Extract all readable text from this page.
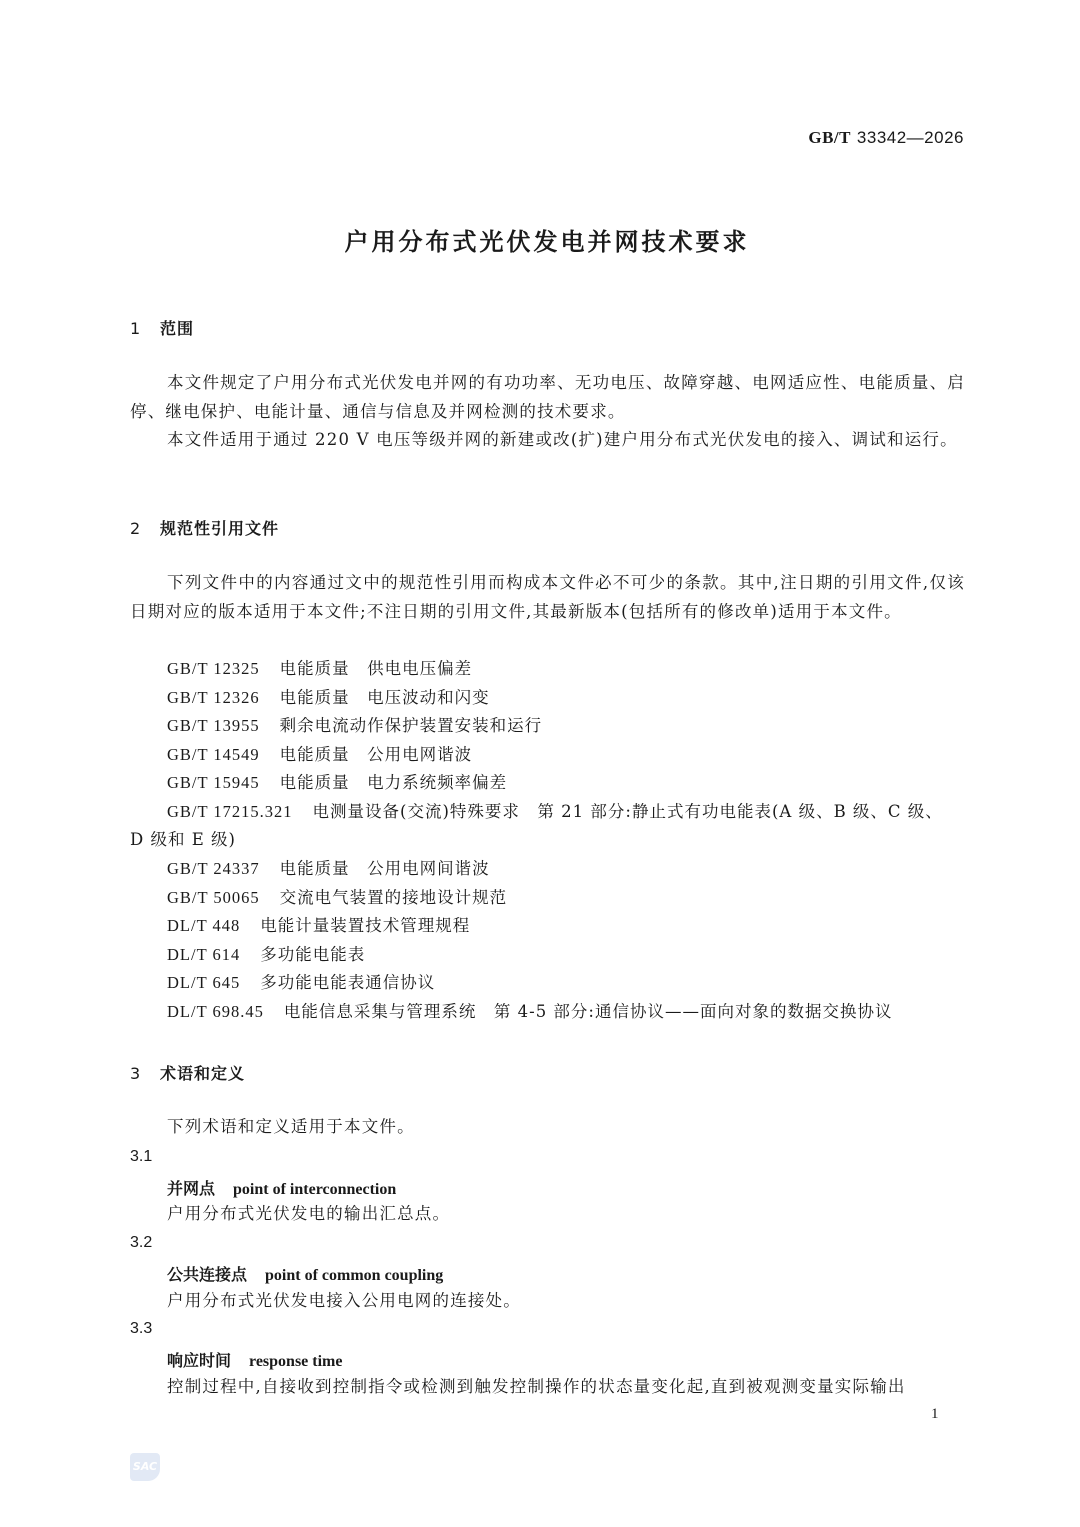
GB/T 33342—2026
户用分布式光伏发电并网技术要求
1 范围
本文件规定了户用分布式光伏发电并网的有功功率、无功电压、故障穿越、电网适应性、电能质量、启停、继电保护、电能计量、通信与信息及并网检测的技术要求。
本文件适用于通过 220 V 电压等级并网的新建或改(扩)建户用分布式光伏发电的接入、调试和运行。
2 规范性引用文件
下列文件中的内容通过文中的规范性引用而构成本文件必不可少的条款。其中,注日期的引用文件,仅该日期对应的版本适用于本文件;不注日期的引用文件,其最新版本(包括所有的修改单)适用于本文件。
GB/T 12325 电能质量　供电电压偏差
GB/T 12326 电能质量　电压波动和闪变
GB/T 13955 剩余电流动作保护装置安装和运行
GB/T 14549 电能质量　公用电网谐波
GB/T 15945 电能质量　电力系统频率偏差
GB/T 17215.321 电测量设备(交流)特殊要求　第 21 部分:静止式有功电能表(A 级、B 级、C 级、
D 级和 E 级)
GB/T 24337 电能质量　公用电网间谐波
GB/T 50065 交流电气装置的接地设计规范
DL/T 448 电能计量装置技术管理规程
DL/T 614 多功能电能表
DL/T 645 多功能电能表通信协议
DL/T 698.45 电能信息采集与管理系统　第 4-5 部分:通信协议——面向对象的数据交换协议
3 术语和定义
下列术语和定义适用于本文件。
3.1
并网点 point of interconnection
户用分布式光伏发电的输出汇总点。
3.2
公共连接点 point of common coupling
户用分布式光伏发电接入公用电网的连接处。
3.3
响应时间 response time
控制过程中,自接收到控制指令或检测到触发控制操作的状态量变化起,直到被观测变量实际输出
1
SAC
